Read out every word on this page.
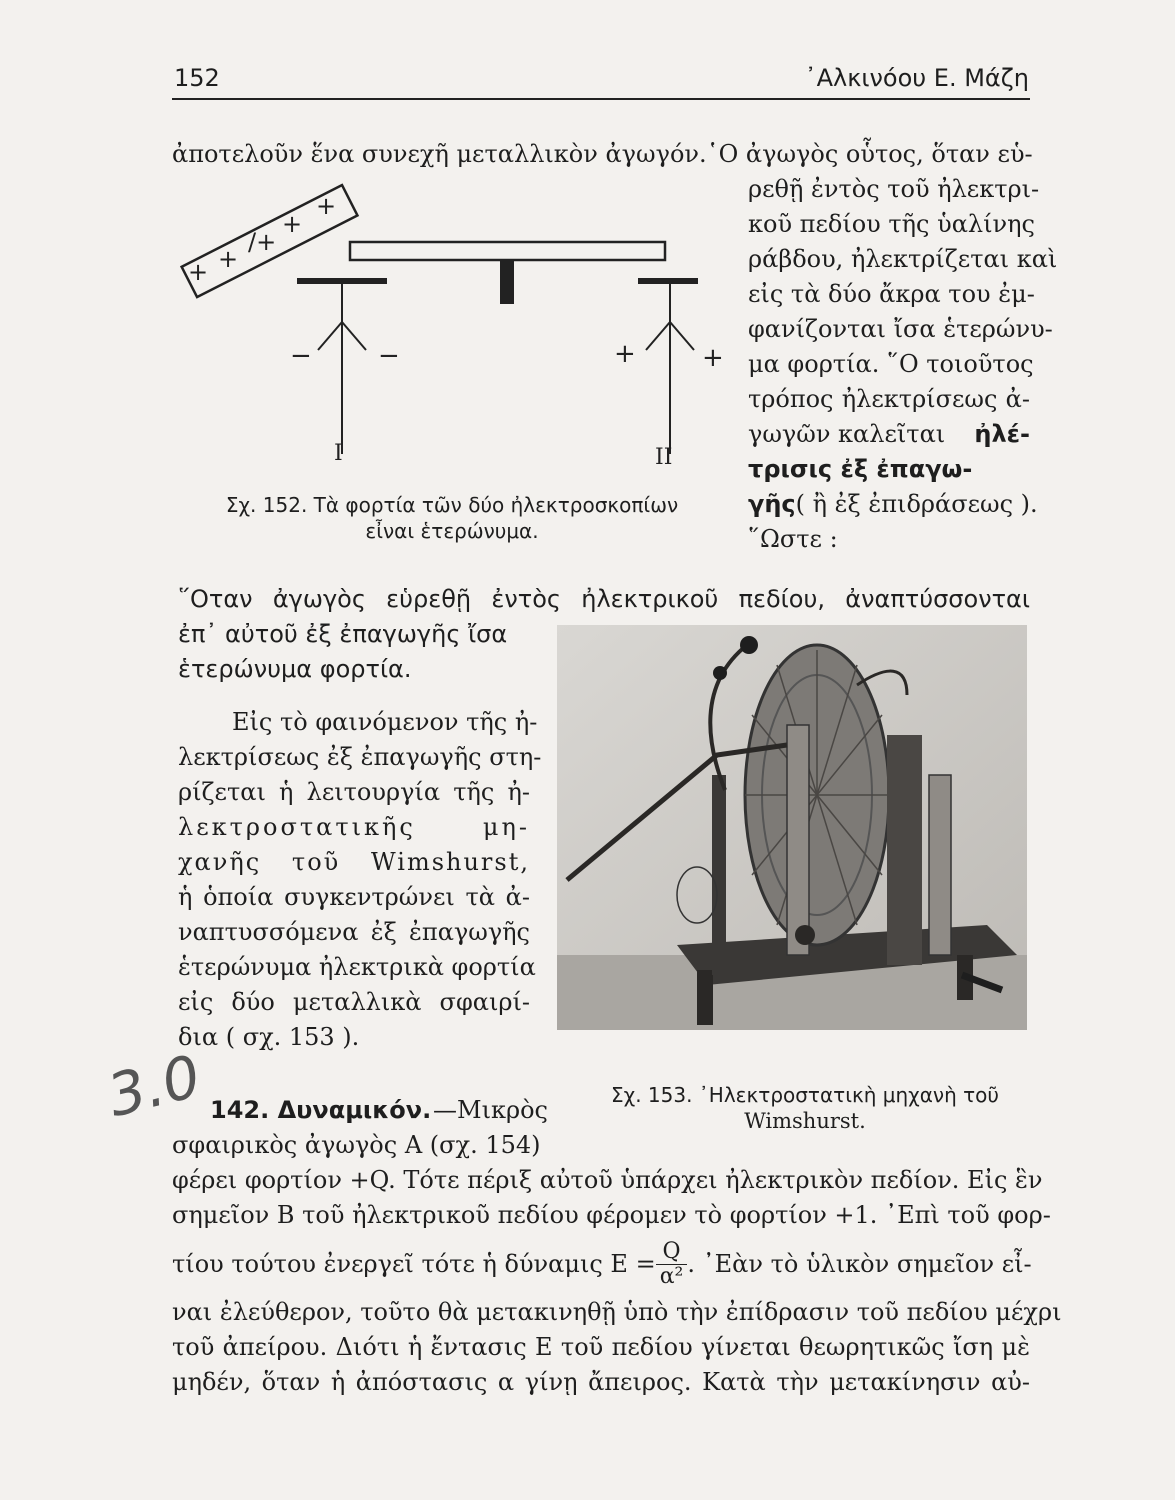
152	᾿Αλκινόου Ε. Μάζη
ἀποτελοῦν ἕνα συνεχῆ μεταλλικὸν ἀγωγόν.῾Ο ἀγωγὸς οὗτος, ὅταν εὑ-
ρεθῇ ἐντὸς τοῦ ἠλεκτρι-
κοῦ πεδίου τῆς ὑαλίνης
ράβδου, ἠλεκτρίζεται καὶ
εἰς τὰ δύο ἄκρα του ἐμ-
φανίζονται ἴσα ἑτερώνυ-
μα φορτία. ῞Ο τοιοῦτος
τρόπος ἠλεκτρίσεως ἀ-
γωγῶν καλεῖται ἠλέ-
τρισις ἐξ ἐπαγω-
γῆς ( ἢ ἐξ ἐπιδράσεως ).
῞Ωστε :
+ +
/+
+
+
−	−	+	+
I	II
Σχ. 152. Τὰ φορτία τῶν δύο ἠλεκτροσκοπίων
εἶναι ἑτερώνυμα.
῞Οταν ἀγωγὸς εὑρεθῇ ἐντὸς ἠλεκτρικοῦ πεδίου, ἀναπτύσσονται
ἐπ᾿ αὐτοῦ ἐξ ἐπαγωγῆς ἴσα
ἑτερώνυμα φορτία.
Εἰς τὸ φαινόμενον τῆς ἠ-
λεκτρίσεως ἐξ ἐπαγωγῆς στη-
ρίζεται ἡ λειτουργία τῆς ἠ-
λεκτροστατικῆς μη-
χανῆς τοῦ Wimshurst,
ἡ ὁποία συγκεντρώνει τὰ ἀ-
ναπτυσσόμενα ἐξ ἐπαγωγῆς
ἑτερώνυμα ἠλεκτρικὰ φορτία
εἰς δύο μεταλλικὰ σφαιρί-
δια ( σχ. 153 ).
Σχ. 153. ᾿Ηλεκτροστατικὴ μηχανὴ τοῦ
Wimshurst.
3.0 142. Δυναμικόν. —Μικρὸς
σφαιρικὸς ἀγωγὸς Α (σχ. 154)
φέρει φορτίον +Q. Τότε πέριξ αὐτοῦ ὑπάρχει ἠλεκτρικὸν πεδίον. Εἰς ἓν
σημεῖον Β τοῦ ἠλεκτρικοῦ πεδίου φέρομεν τὸ φορτίον +1. ᾿Επὶ τοῦ φορ-
τίου τούτου ἐνεργεῖ τότε ἡ δύναμις $E = \frac{Q}{\text{α²}}$ . ᾿Εὰν τὸ ὑλικὸν σημεῖον εἶ-
ναι ἐλεύθερον, τοῦτο θὰ μετακινηθῇ ὑπὸ τὴν ἐπίδρασιν τοῦ πεδίου μέχρι
τοῦ ἀπείρου. Διότι ἡ ἔντασις Ε τοῦ πεδίου γίνεται θεωρητικῶς ἴση μὲ
μηδέν, ὅταν ἡ ἀπόστασις α γίνῃ ἄπειρος. Κατὰ τὴν μετακίνησιν αὐ-
